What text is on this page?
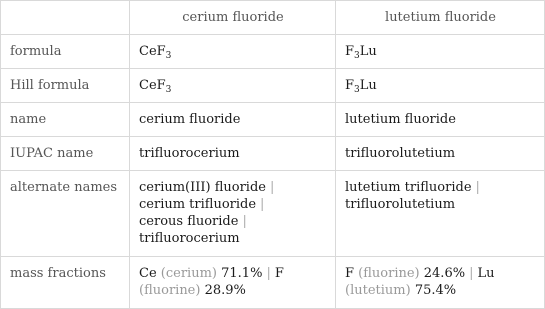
	cerium fluoride	lutetium fluoride
formula	CeF$_3$	$F_3Lu$
Hill formula	CeF$_3$	$F_3Lu$
name	cerium fluoride	lutetium fluoride
IUPAC name	trifluorocerium	trifluorolutetium
alternate names	cerium(III) fluoride |
cerium trifluoride |
cerous fluoride |
trifluorocerium	lutetium trifluoride |
trifluorolutetium
mass fractions	Ce (cerium) 71.1% | F
(fluorine) 28.9%	F (fluorine) 24.6% | Lu
(lutetium) 75.4%
